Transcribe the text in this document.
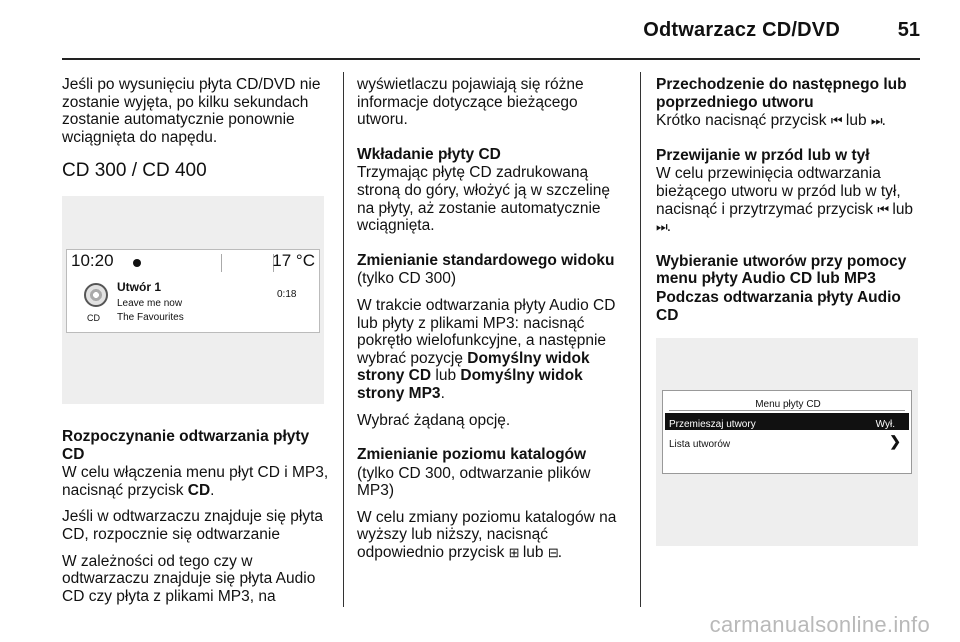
Odtwarzacz CD/DVD	51

Jeśli po wysunięciu płyta CD/DVD nie zostanie wyjęta, po kilku sekundach zostanie automatycznie ponownie wciągnięta do napędu.

CD 300 / CD 400
10:20	17 °C
CD
Utwór 1
Leave me now
The Favourites
0:18
Rozpoczynanie odtwarzania płyty CD

W celu włączenia menu płyt CD i MP3, nacisnąć przycisk CD.

Jeśli w odtwarzaczu znajduje się płyta CD, rozpocznie się odtwarzanie

W zależności od tego czy w odtwarzaczu znajduje się płyta Audio CD czy płyta z plikami MP3, na

wyświetlaczu pojawiają się różne informacje dotyczące bieżącego utworu.

Wkładanie płyty CD

Trzymając płytę CD zadrukowaną stroną do góry, włożyć ją w szczelinę na płyty, aż zostanie automatycznie wciągnięta.

Zmienianie standardowego widoku

(tylko CD 300)

W trakcie odtwarzania płyty Audio CD lub płyty z plikami MP3: nacisnąć pokrętło wielofunkcyjne, a następnie wybrać pozycję Domyślny widok strony CD lub Domyślny widok strony MP3.

Wybrać żądaną opcję.

Zmienianie poziomu katalogów

(tylko CD 300, odtwarzanie plików MP3)

W celu zmiany poziomu katalogów na wyższy lub niższy, nacisnąć odpowiednio przycisk ⊞ lub ⊟.

Przechodzenie do następnego lub poprzedniego utworu

Krótko nacisnąć przycisk ⏮ lub ⏭.

Przewijanie w przód lub w tył

W celu przewinięcia odtwarzania bieżącego utworu w przód lub w tył, nacisnąć i przytrzymać przycisk ⏮ lub ⏭.

Wybieranie utworów przy pomocy menu płyty Audio CD lub MP3
Podczas odtwarzania płyty Audio CD
Menu płyty CD
Przemieszaj utwory	Wył.
Lista utworów	❯
carmanualsonline.info
